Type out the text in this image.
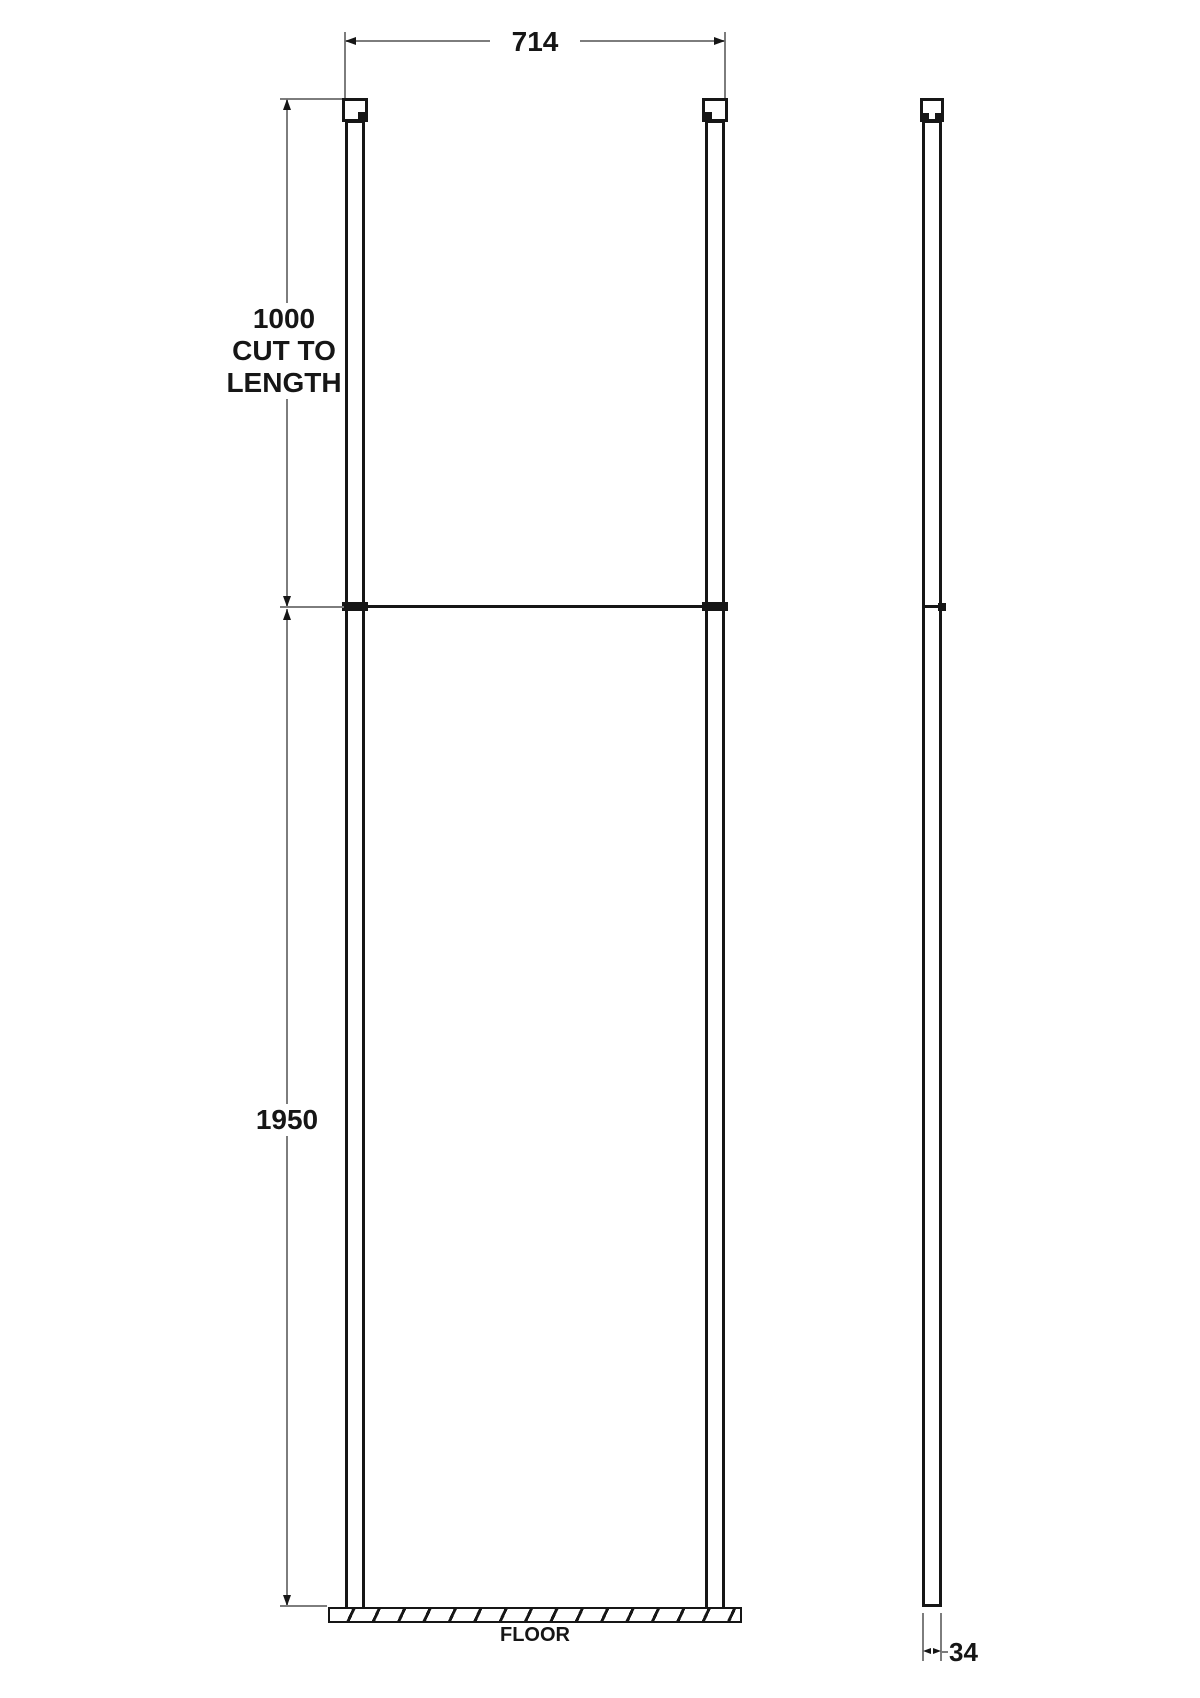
FLOOR
714
1000
CUT TO
LENGTH
1950
34
